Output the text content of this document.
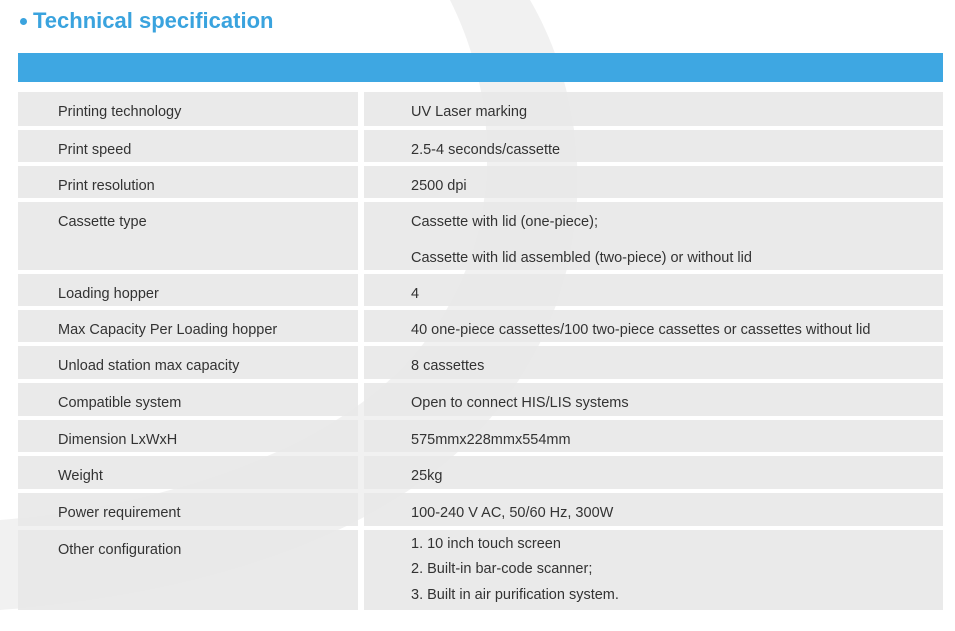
Technical specification
Printing technology	UV Laser marking
Print speed	2.5-4 seconds/cassette
Print resolution	2500 dpi
Cassette type	Cassette with lid (one-piece);
Cassette with lid assembled (two-piece) or without lid
Loading hopper	4
Max Capacity Per Loading hopper	40 one-piece cassettes/100 two-piece cassettes or cassettes without lid
Unload station max capacity	8 cassettes
Compatible system	Open to connect HIS/LIS systems
Dimension LxWxH	575mmx228mmx554mm
Weight	25kg
Power requirement	100-240 V AC, 50/60 Hz, 300W
Other configuration	1. 10 inch touch screen
2. Built-in bar-code scanner;
3. Built in air purification system.
